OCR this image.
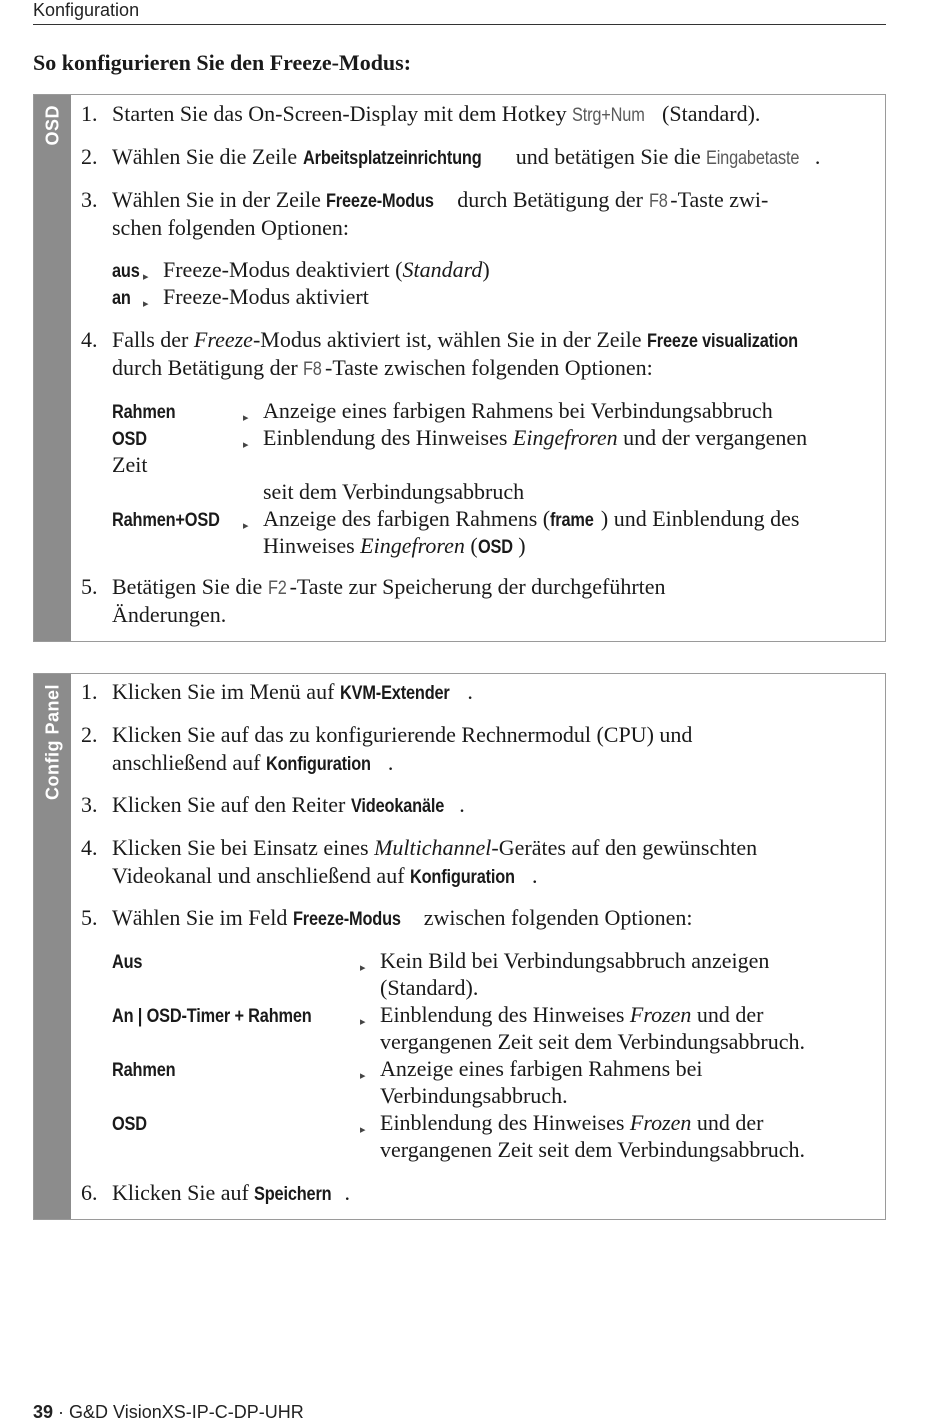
Konfiguration
So konfigurieren Sie den Freeze-Modus:
OSD 1. Starten Sie das On-Screen-Display mit dem Hotkey Strg+Num (Standard).
2. Wählen Sie die Zeile Arbeitsplatzeinrichtung und betätigen Sie die Eingabetaste .
3. Wählen Sie in der Zeile Freeze-Modus durch Betätigung der F8 -Taste zwi-
schen folgenden Optionen:
aus ▸ Freeze-Modus deaktiviert (Standard)
an ▸ Freeze-Modus aktiviert
4. Falls der Freeze-Modus aktiviert ist, wählen Sie in der Zeile Freeze visualization
durch Betätigung der F8 -Taste zwischen folgenden Optionen:
Rahmen	▸ Anzeige eines farbigen Rahmens bei Verbindungsabbruch
OSD	▸ Einblendung des Hinweises Eingefroren und der vergangenen
Zeit
seit dem Verbindungsabbruch
Rahmen+OSD	▸ Anzeige des farbigen Rahmens (frame ) und Einblendung des
Hinweises Eingefroren (OSD )
5. Betätigen Sie die F2 -Taste zur Speicherung der durchgeführten
Änderungen.
Config Panel 1. Klicken Sie im Menü auf KVM-Extender .
2. Klicken Sie auf das zu konfigurierende Rechnermodul (CPU) und
anschließend auf Konfiguration .
3. Klicken Sie auf den Reiter Videokanäle .
4. Klicken Sie bei Einsatz eines Multichannel-Gerätes auf den gewünschten
Videokanal und anschließend auf Konfiguration .
5. Wählen Sie im Feld Freeze-Modus zwischen folgenden Optionen:
Aus	▸ Kein Bild bei Verbindungsabbruch anzeigen
(Standard).
An | OSD-Timer + Rahmen	▸ Einblendung des Hinweises Frozen und der
vergangenen Zeit seit dem Verbindungsabbruch.
Rahmen	▸ Anzeige eines farbigen Rahmens bei
Verbindungsabbruch.
OSD	▸ Einblendung des Hinweises Frozen und der
vergangenen Zeit seit dem Verbindungsabbruch.
6. Klicken Sie auf Speichern .
39 · G&D VisionXS-IP-C-DP-UHR
